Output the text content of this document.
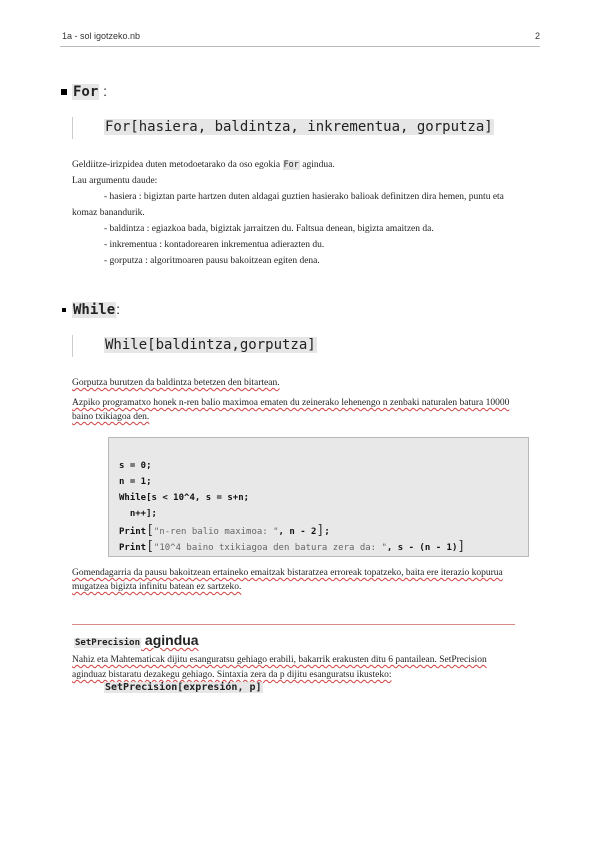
1a - sol igotzeko.nb	2
For :
For[hasiera, baldintza, inkrementua, gorputza]
Geldiitze-irizpidea duten metodoetarako da oso egokia For agindua.
Lau argumentu daude:
- hasiera : bigiztan parte hartzen duten aldagai guztien hasierako balioak definitzen dira hemen, puntu eta
komaz banandurik.
- baldintza : egiazkoa bada, bigiztak jarraitzen du. Faltsua denean, bigizta amaitzen da.
- inkrementua : kontadorearen inkrementua adierazten du.
- gorputza : algoritmoaren pausu bakoitzean egiten dena.
While:
While[baldintza,gorputza]
Gorputza burutzen da baldintza betetzen den bitartean.
Azpiko programatxo honek n-ren balio maximoa ematen du zeinerako lehenengo n zenbaki naturalen batura 10000
baino txikiagoa den.
s = 0;
n = 1;
While[s < 10^4, s = s+n;
n++];
Print["n-ren balio maximoa: ", n - 2];
Print["10^4 baino txikiagoa den batura zera da: ", s - (n - 1)]
Gomendagarria da pausu bakoitzean ertaineko emaitzak bistaratzea erroreak topatzeko, baita ere iterazio kopurua
mugatzea bigizta infinitu batean ez sartzeko.
SetPrecision agindua
Nahiz eta Mahtematicak dijitu esanguratsu gehiago erabili, bakarrik erakusten ditu 6 pantailean. SetPrecision
aginduaz bistaratu dezakegu gehiago. Sintaxia zera da p dijitu esanguratsu ikusteko:
SetPrecision[expresión, p]
